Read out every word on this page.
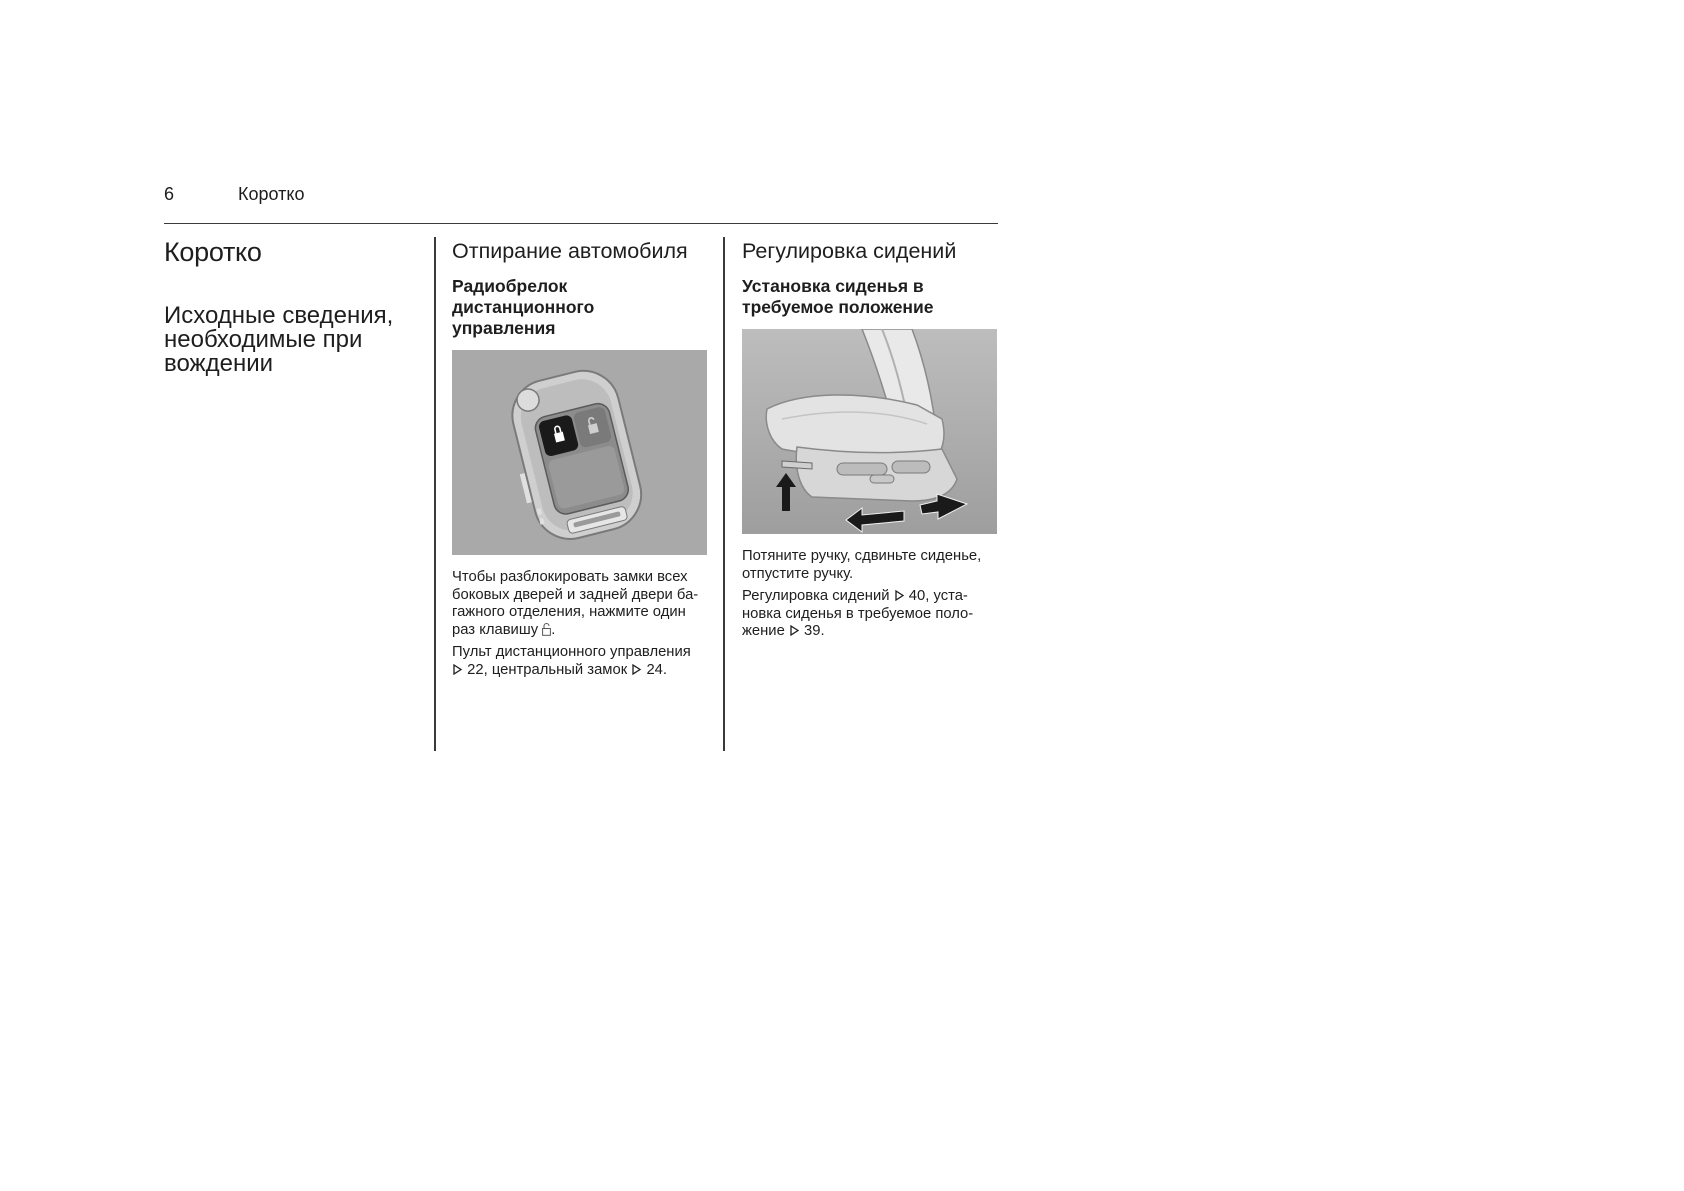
6	Коротко
Коротко
Исходные сведения,
необходимые при
вождении
Отпирание автомобиля
Радиобрелок дистанционного
управления
Чтобы разблокировать замки всех
боковых дверей и задней двери ба-
гажного отделения, нажмите один
раз клавишу .
Пульт дистанционного управления
22, центральный замок 24.
Регулировка сидений
Установка сиденья в
требуемое положение
Потяните ручку, сдвиньте сиденье,
отпустите ручку.
Регулировка сидений 40, уста-
новка сиденья в требуемое поло-
жение 39.
